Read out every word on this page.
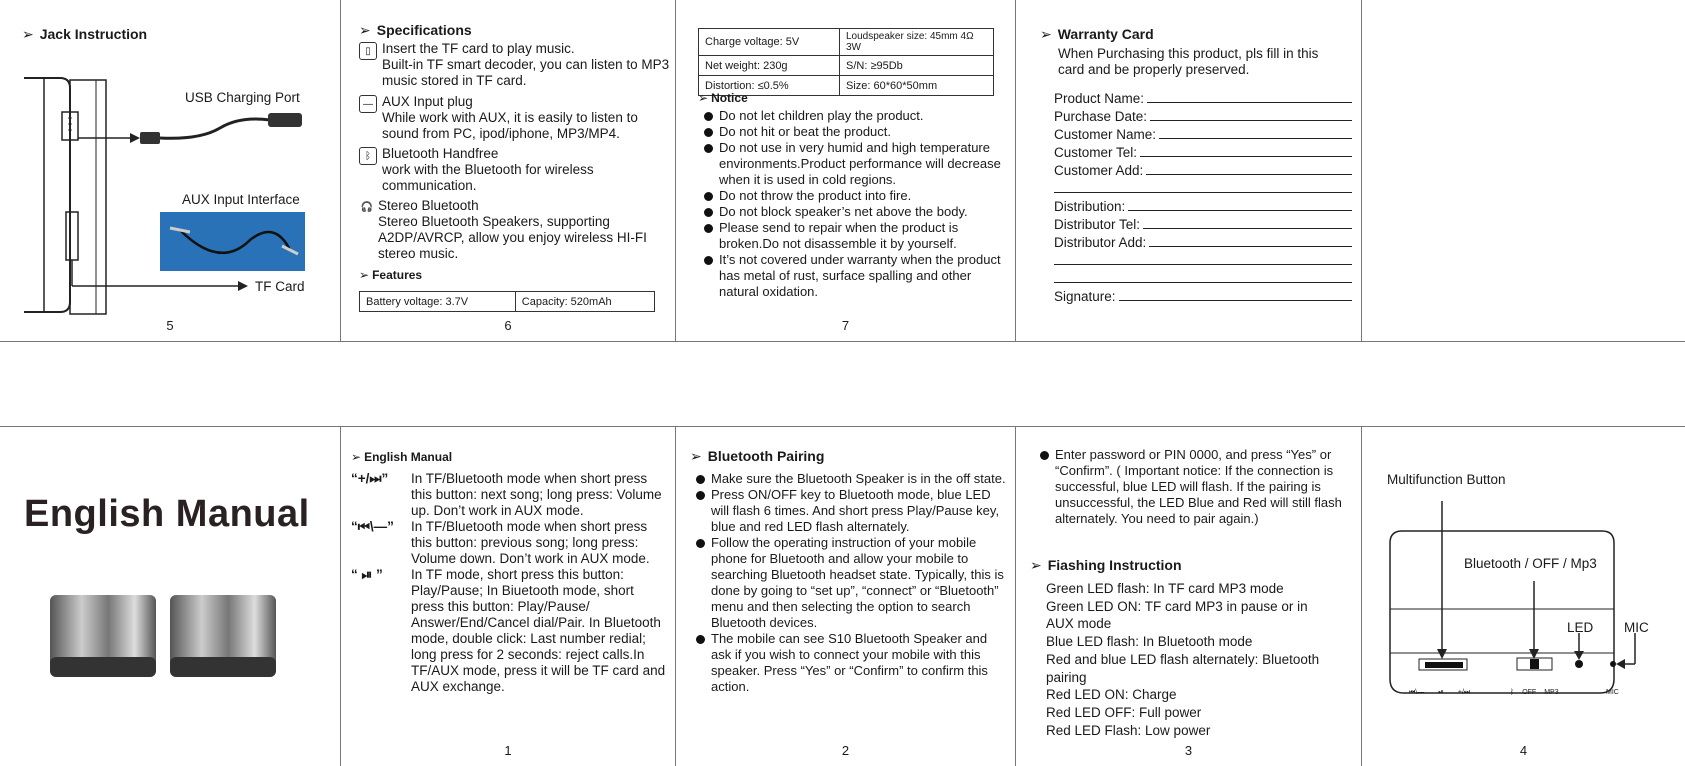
➢ Jack Instruction
USB Charging Port
AUX Input Interface
TF Card
5
➢ Specifications
▯ Insert the TF card to play music.
Built-in TF smart decoder, you can listen to MP3 music stored in TF card.
— AUX Input plug
While work with AUX, it is easily to listen to sound from PC, ipod/iphone, MP3/MP4.
ᛒ Bluetooth Handfree
work with the Bluetooth for wireless communication.
🎧 Stereo Bluetooth
Stereo Bluetooth Speakers, supporting A2DP/AVRCP, allow you enjoy wireless HI-FI stereo music.
➢ Features
Battery voltage: 3.7V	Capacity: 520mAh
6
Charge voltage: 5V	Loudspeaker size: 45mm 4Ω 3W
Net weight: 230g	S/N: ≥95Db
Distortion: ≤0.5%	Size: 60*60*50mm
➢ Notice
Do not let children play the product.
Do not hit or beat the product.
Do not use in very humid and high temperature environments.Product performance will decrease when it is used in cold regions.
Do not throw the product into fire.
Do not block speaker’s net above the body.
Please send to repair when the product is broken.Do not disassemble it by yourself.
It’s not covered under warranty when the product has metal of rust, surface spalling and other natural oxidation.
7
➢ Warranty Card
When Purchasing this product, pls fill in this card and be properly preserved.
Product Name:
Purchase Date:
Customer Name:
Customer Tel:
Customer Add:
Distribution:
Distributor Tel:
Distributor Add:
Signature:
English Manual
➢ English Manual
“+/⏭”	In TF/Bluetooth mode when short press this button: next song; long press: Volume up. Don’t work in AUX mode.
“⏮\—”	In TF/Bluetooth mode when short press this button: previous song; long press: Volume down. Don’t work in AUX mode.
“ ⏯ ”	In TF mode, short press this button: Play/Pause; In Biuetooth mode, short press this button: Play/Pause/ Answer/End/Cancel dial/Pair. In Bluetooth mode, double click: Last number redial; long press for 2 seconds: reject calls.In TF/AUX mode, press it will be TF card and AUX exchange.
1
➢ Bluetooth Pairing
Make sure the Bluetooth Speaker is in the off state.
Press ON/OFF key to Bluetooth mode, blue LED will flash 6 times. And short press Play/Pause key, blue and red LED flash alternately.
Follow the operating instruction of your mobile phone for Bluetooth and allow your mobile to searching Bluetooth headset state. Typically, this is done by going to “set up”, “connect” or “Bluetooth” menu and then selecting the option to search Bluetooth devices.
The mobile can see S10 Bluetooth Speaker and ask if you wish to connect your mobile with this speaker. Press “Yes” or “Confirm” to confirm this action.
2
Enter password or PIN 0000, and press “Yes” or “Confirm”. ( Important notice: If the connection is successful, blue LED will flash. If the pairing is unsuccessful, the LED Blue and Red will still flash alternately. You need to pair again.)
➢ Fiashing Instruction
Green LED flash: In TF card MP3 mode
Green LED ON: TF card MP3 in pause or in AUX mode
Blue LED flash: In Bluetooth mode
Red and blue LED flash alternately: Bluetooth pairing
Red LED ON: Charge
Red LED OFF: Full power
Red LED Flash: Low power
3
Multifunction Button
Bluetooth / OFF / Mp3
LED MIC
⏮\— ⏯ +/⏭	ᛒ OFF MP3	MIC
4
